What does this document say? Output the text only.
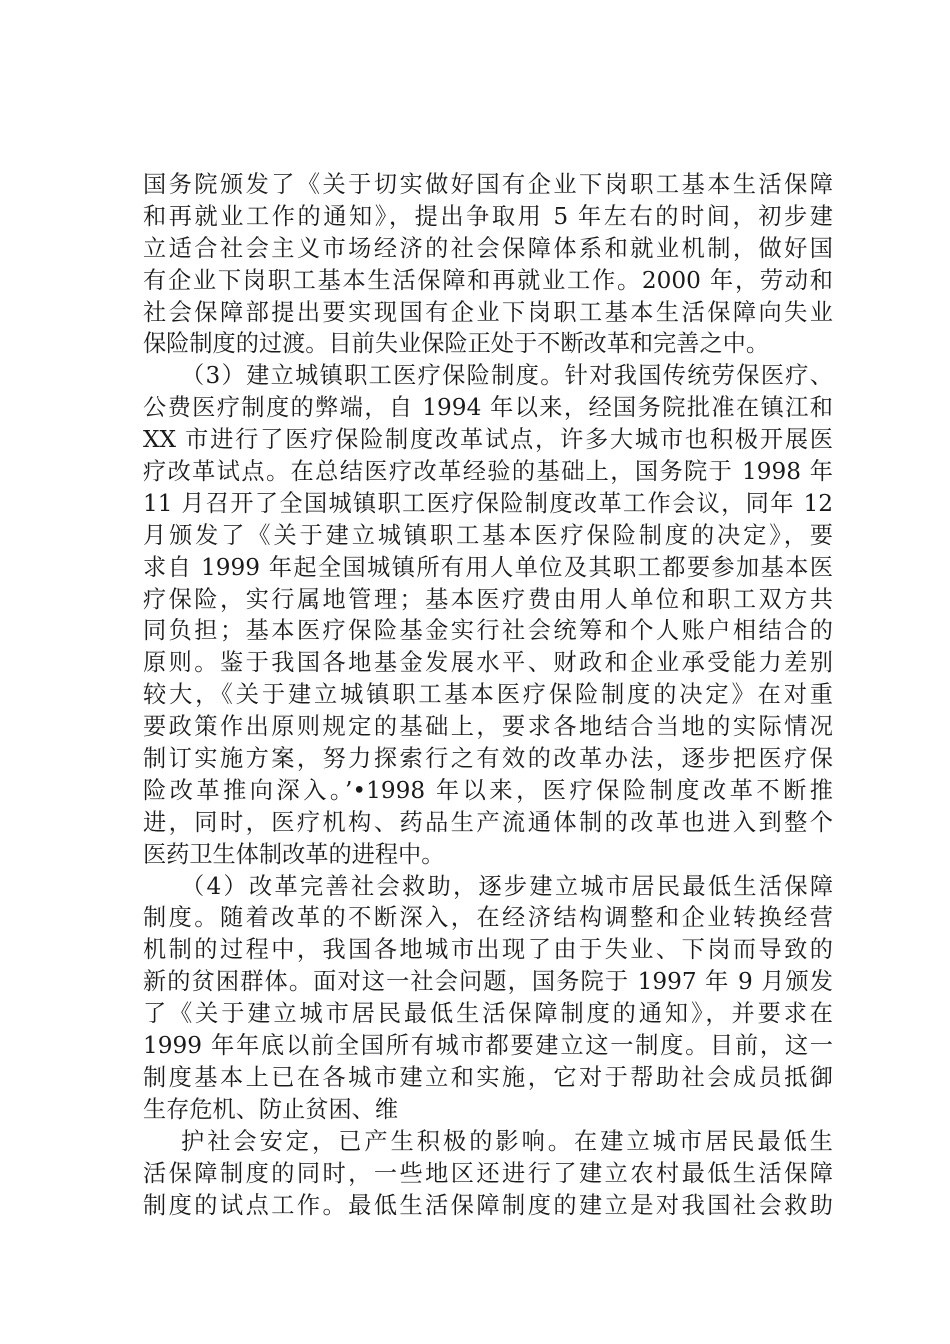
国务院颁发了《关于切实做好国有企业下岗职工基本生活保障
和再就业工作的通知》，提出争取用 5 年左右的时间，初步建
立适合社会主义市场经济的社会保障体系和就业机制，做好国
有企业下岗职工基本生活保障和再就业工作。2000 年，劳动和
社会保障部提出要实现国有企业下岗职工基本生活保障向失业
保险制度的过渡。目前失业保险正处于不断改革和完善之中。
（3）建立城镇职工医疗保险制度。针对我国传统劳保医疗、
公费医疗制度的弊端，自 1994 年以来，经国务院批准在镇江和
XX 市进行了医疗保险制度改革试点，许多大城市也积极开展医
疗改革试点。在总结医疗改革经验的基础上，国务院于 1998 年
11 月召开了全国城镇职工医疗保险制度改革工作会议，同年 12
月颁发了《关于建立城镇职工基本医疗保险制度的决定》，要
求自 1999 年起全国城镇所有用人单位及其职工都要参加基本医
疗保险，实行属地管理；基本医疗费由用人单位和职工双方共
同负担；基本医疗保险基金实行社会统筹和个人账户相结合的
原则。鉴于我国各地基金发展水平、财政和企业承受能力差别
较大，《关于建立城镇职工基本医疗保险制度的决定》在对重
要政策作出原则规定的基础上，要求各地结合当地的实际情况
制订实施方案，努力探索行之有效的改革办法，逐步把医疗保
险改革推向深入。’•1998 年以来，医疗保险制度改革不断推
进，同时，医疗机构、药品生产流通体制的改革也进入到整个
医药卫生体制改革的进程中。
（4）改革完善社会救助，逐步建立城市居民最低生活保障
制度。随着改革的不断深入，在经济结构调整和企业转换经营
机制的过程中，我国各地城市出现了由于失业、下岗而导致的
新的贫困群体。面对这一社会问题，国务院于 1997 年 9 月颁发
了《关于建立城市居民最低生活保障制度的通知》，并要求在
1999 年年底以前全国所有城市都要建立这一制度。目前，这一
制度基本上已在各城市建立和实施，它对于帮助社会成员抵御
生存危机、防止贫困、维
护社会安定，已产生积极的影响。在建立城市居民最低生
活保障制度的同时，一些地区还进行了建立农村最低生活保障
制度的试点工作。最低生活保障制度的建立是对我国社会救助
